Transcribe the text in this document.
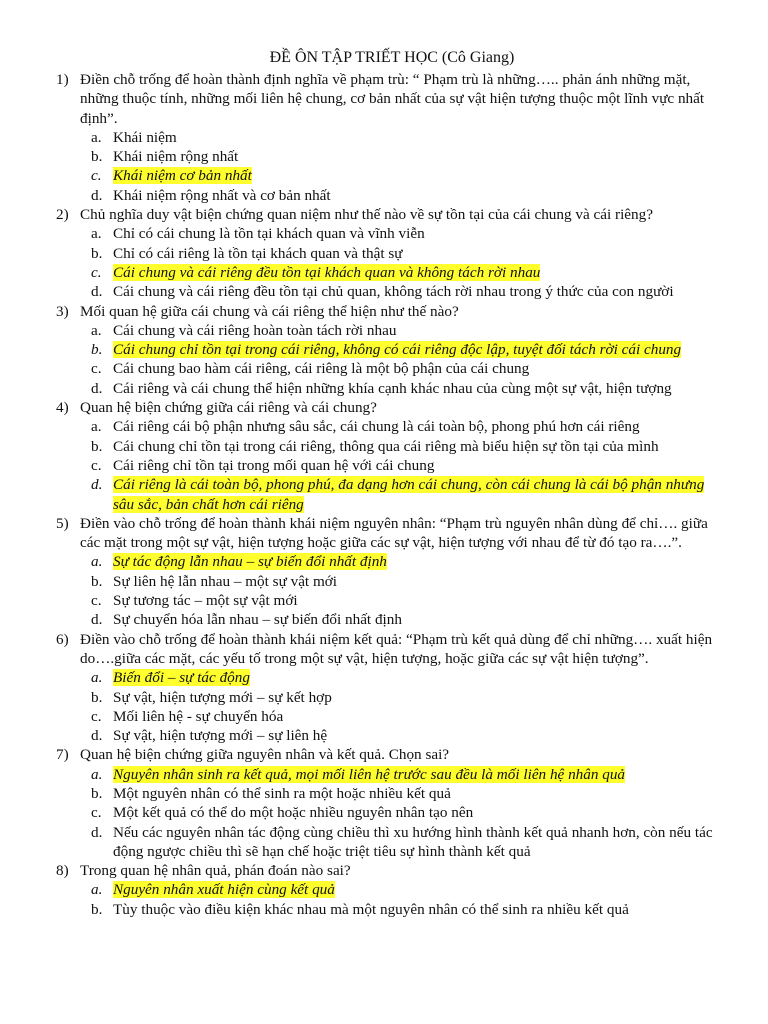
ĐỀ ÔN TẬP TRIẾT HỌC (Cô Giang)
1) Điền chỗ trống để hoàn thành định nghĩa về phạm trù: “ Phạm trù là những….. phản ánh những mặt, những thuộc tính, những mối liên hệ chung, cơ bản nhất của sự vật hiện tượng thuộc một lĩnh vực nhất định”.
a. Khái niệm
b. Khái niệm rộng nhất
c. Khái niệm cơ bản nhất
d. Khái niệm rộng nhất và cơ bản nhất
2) Chủ nghĩa duy vật biện chứng quan niệm như thế nào về sự tồn tại của cái chung và cái riêng?
a. Chỉ có cái chung là tồn tại khách quan và vĩnh viễn
b. Chỉ có cái riêng là tồn tại khách quan và thật sự
c. Cái chung và cái riêng đều tồn tại khách quan và không tách rời nhau
d. Cái chung và cái riêng đều tồn tại chủ quan, không tách rời nhau trong ý thức của con người
3) Mối quan hệ giữa cái chung và cái riêng thể hiện như thế nào?
a. Cái chung và cái riêng hoàn toàn tách rời nhau
b. Cái chung chỉ tồn tại trong cái riêng, không có cái riêng độc lập, tuyệt đối tách rời cái chung
c. Cái chung bao hàm cái riêng, cái riêng là một bộ phận của cái chung
d. Cái riêng và cái chung thể hiện những khía cạnh khác nhau của cùng một sự vật, hiện tượng
4) Quan hệ biện chứng giữa cái riêng và cái chung?
a. Cái riêng cái bộ phận nhưng sâu sắc, cái chung là cái toàn bộ, phong phú hơn cái riêng
b. Cái chung chỉ tồn tại trong cái riêng, thông qua cái riêng mà biểu hiện sự tồn tại của mình
c. Cái riêng chỉ tồn tại trong mối quan hệ với cái chung
d. Cái riêng là cái toàn bộ, phong phú, đa dạng hơn cái chung, còn cái chung là cái bộ phận nhưng sâu sắc, bản chất hơn cái riêng
5) Điền vào chỗ trống để hoàn thành khái niệm nguyên nhân: “Phạm trù nguyên nhân dùng để chỉ…. giữa các mặt trong một sự vật, hiện tượng hoặc giữa các sự vật, hiện tượng với nhau để từ đó tạo ra….”.
a. Sự tác động lẫn nhau – sự biến đổi nhất định
b. Sự liên hệ lẫn nhau – một sự vật mới
c. Sự tương tác – một sự vật mới
d. Sự chuyển hóa lẫn nhau – sự biến đổi nhất định
6) Điền vào chỗ trống để hoàn thành khái niệm kết quả: “Phạm trù kết quả dùng để chỉ những…. xuất hiện do….giữa các mặt, các yếu tố trong một sự vật, hiện tượng, hoặc giữa các sự vật hiện tượng”.
a. Biến đổi – sự tác động
b. Sự vật, hiện tượng mới – sự kết hợp
c. Mối liên hệ - sự chuyển hóa
d. Sự vật, hiện tượng mới – sự liên hệ
7) Quan hệ biện chứng giữa nguyên nhân và kết quả. Chọn sai?
a. Nguyên nhân sinh ra kết quả, mọi mối liên hệ trước sau đều là mối liên hệ nhân quả
b. Một nguyên nhân có thể sinh ra một hoặc nhiều kết quả
c. Một kết quả có thể do một hoặc nhiều nguyên nhân tạo nên
d. Nếu các nguyên nhân tác động cùng chiều thì xu hướng hình thành kết quả nhanh hơn, còn nếu tác động ngược chiều thì sẽ hạn chế hoặc triệt tiêu sự hình thành kết quả
8) Trong quan hệ nhân quả, phán đoán nào sai?
a. Nguyên nhân xuất hiện cùng kết quả
b. Tùy thuộc vào điều kiện khác nhau mà một nguyên nhân có thể sinh ra nhiều kết quả
